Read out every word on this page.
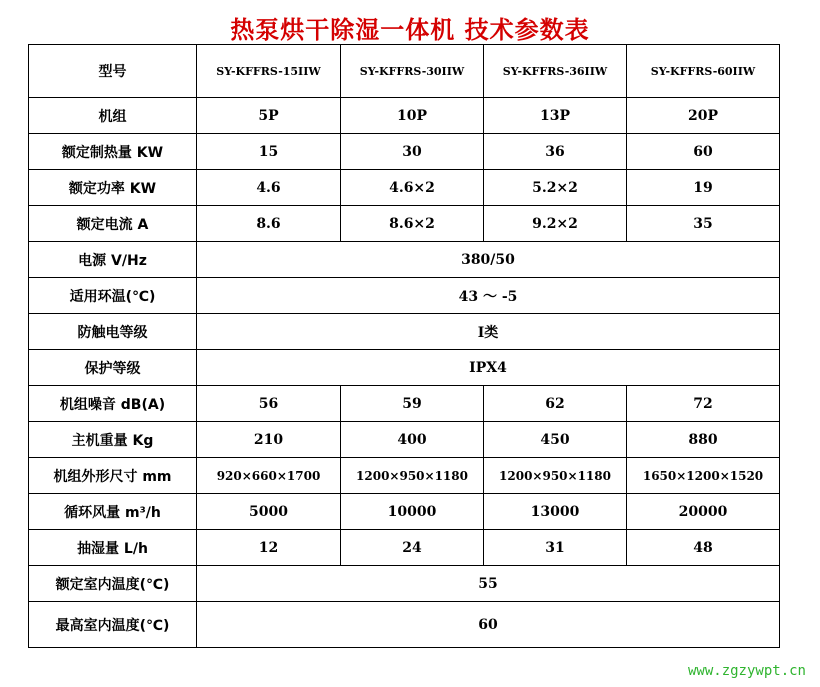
热泵烘干除湿一体机 技术参数表
型号	SY-KFFRS-15IIW	SY-KFFRS-30IIW	SY-KFFRS-36IIW	SY-KFFRS-60IIW
机组	5P	10P	13P	20P
额定制热量 KW	15	30	36	60
额定功率 KW	4.6	4.6×2	5.2×2	19
额定电流 A	8.6	8.6×2	9.2×2	35
电源 V/Hz	380/50			
适用环温(℃)	43 ～ -5			
防触电等级	I类			
保护等级	IPX4			
机组噪音 dB(A)	56	59	62	72
主机重量 Kg	210	400	450	880
机组外形尺寸 mm	920×660×1700	1200×950×1180	1200×950×1180	1650×1200×1520
循环风量 m³/h	5000	10000	13000	20000
抽湿量 L/h	12	24	31	48
额定室内温度(℃)	55			
最高室内温度(℃)	60			
www.zgzywpt.cn
